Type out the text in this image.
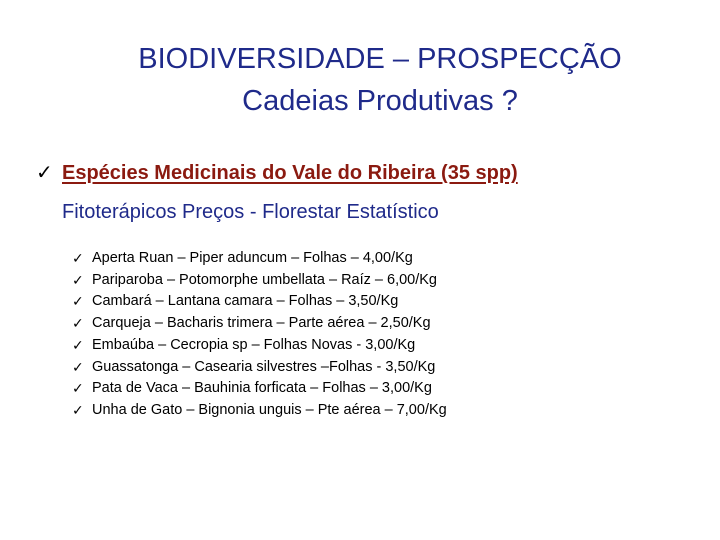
BIODIVERSIDADE – PROSPECÇÃO
Cadeias Produtivas ?
✓ Espécies Medicinais do Vale do Ribeira (35 spp)
Fitoterápicos Preços - Florestar Estatístico
✓ Aperta Ruan – Piper aduncum – Folhas – 4,00/Kg
✓ Pariparoba – Potomorphe umbellata – Raíz – 6,00/Kg
✓ Cambará – Lantana camara – Folhas – 3,50/Kg
✓ Carqueja – Bacharis trimera – Parte aérea – 2,50/Kg
✓ Embaúba – Cecropia sp – Folhas Novas - 3,00/Kg
✓ Guassatonga – Casearia silvestres –Folhas - 3,50/Kg
✓ Pata de Vaca – Bauhinia forficata – Folhas – 3,00/Kg
✓ Unha de Gato – Bignonia unguis – Pte aérea – 7,00/Kg
